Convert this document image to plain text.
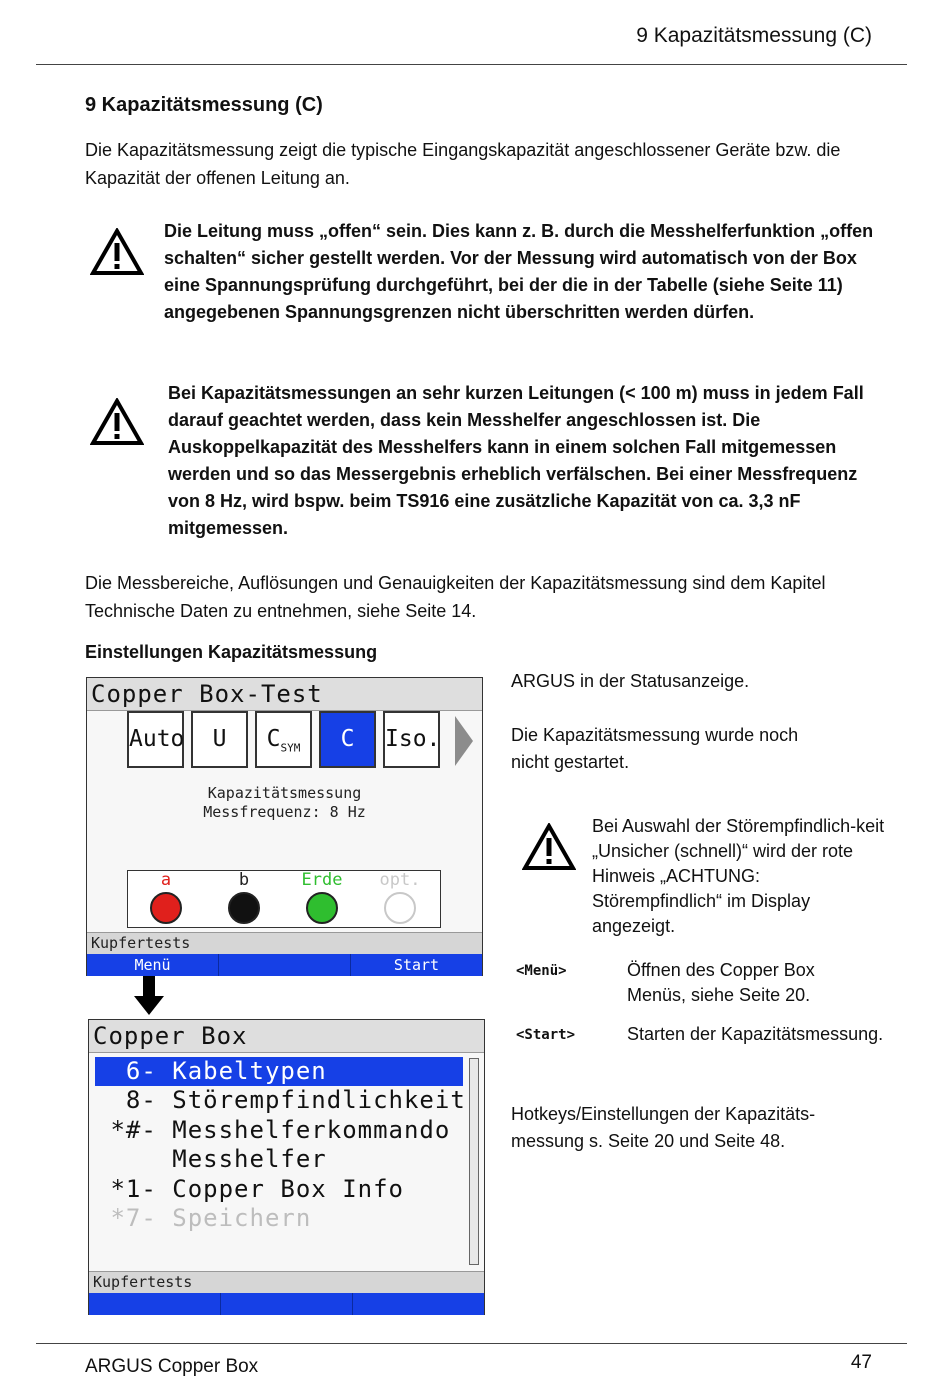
9 Kapazitätsmessung (C)
9 Kapazitätsmessung (C)

Die Kapazitätsmessung zeigt die typische Eingangskapazität angeschlossener Geräte bzw. die Kapazität der offenen Leitung an.

Die Leitung muss „offen“ sein. Dies kann z. B. durch die Messhelferfunktion „offen schalten“ sicher gestellt werden. Vor der Messung wird automatisch von der Box eine Spannungsprüfung durchgeführt, bei der die in der Tabelle (siehe Seite 11) angegebenen Spannungsgrenzen nicht überschritten werden dürfen.

Bei Kapazitätsmessungen an sehr kurzen Leitungen (< 100 m) muss in jedem Fall darauf geachtet werden, dass kein Messhelfer angeschlossen ist. Die Auskoppelkapazität des Messhelfers kann in einem solchen Fall mitgemessen werden und so das Messergebnis erheblich verfälschen. Bei einer Messfrequenz von 8 Hz, wird bspw. beim TS916 eine zusätzliche Kapazität von ca. 3,3 nF mitgemessen.

Die Messbereiche, Auflösungen und Genauigkeiten der Kapazitätsmessung sind dem Kapitel Technische Daten zu entnehmen, siehe Seite 14.

Einstellungen Kapazitätsmessung
Copper Box-Test
Auto	U	$C_{SYM}$	C	Iso.
Kapazitätsmessung
Messfrequenz: 8 Hz
a	b	Erde	opt.
Kupfertests
Menü	Start
Copper Box
6- Kabeltypen
8- Störempfindlichkeit
*#- Messhelferkommando
Messhelfer
*1- Copper Box Info
*7- Speichern
Kupfertests

ARGUS in der Statusanzeige.

Die Kapazitätsmessung wurde noch nicht gestartet.

Bei Auswahl der Störempfindlich-keit „Unsicher (schnell)“ wird der rote Hinweis „ACHTUNG: Störempfindlich“ im Display angezeigt.

<Menü>	Öffnen des Copper Box Menüs, siehe Seite 20.

<Start>	Starten der Kapazitätsmessung.

Hotkeys/Einstellungen der Kapazitäts-messung s. Seite 20 und Seite 48.

ARGUS Copper Box	47
